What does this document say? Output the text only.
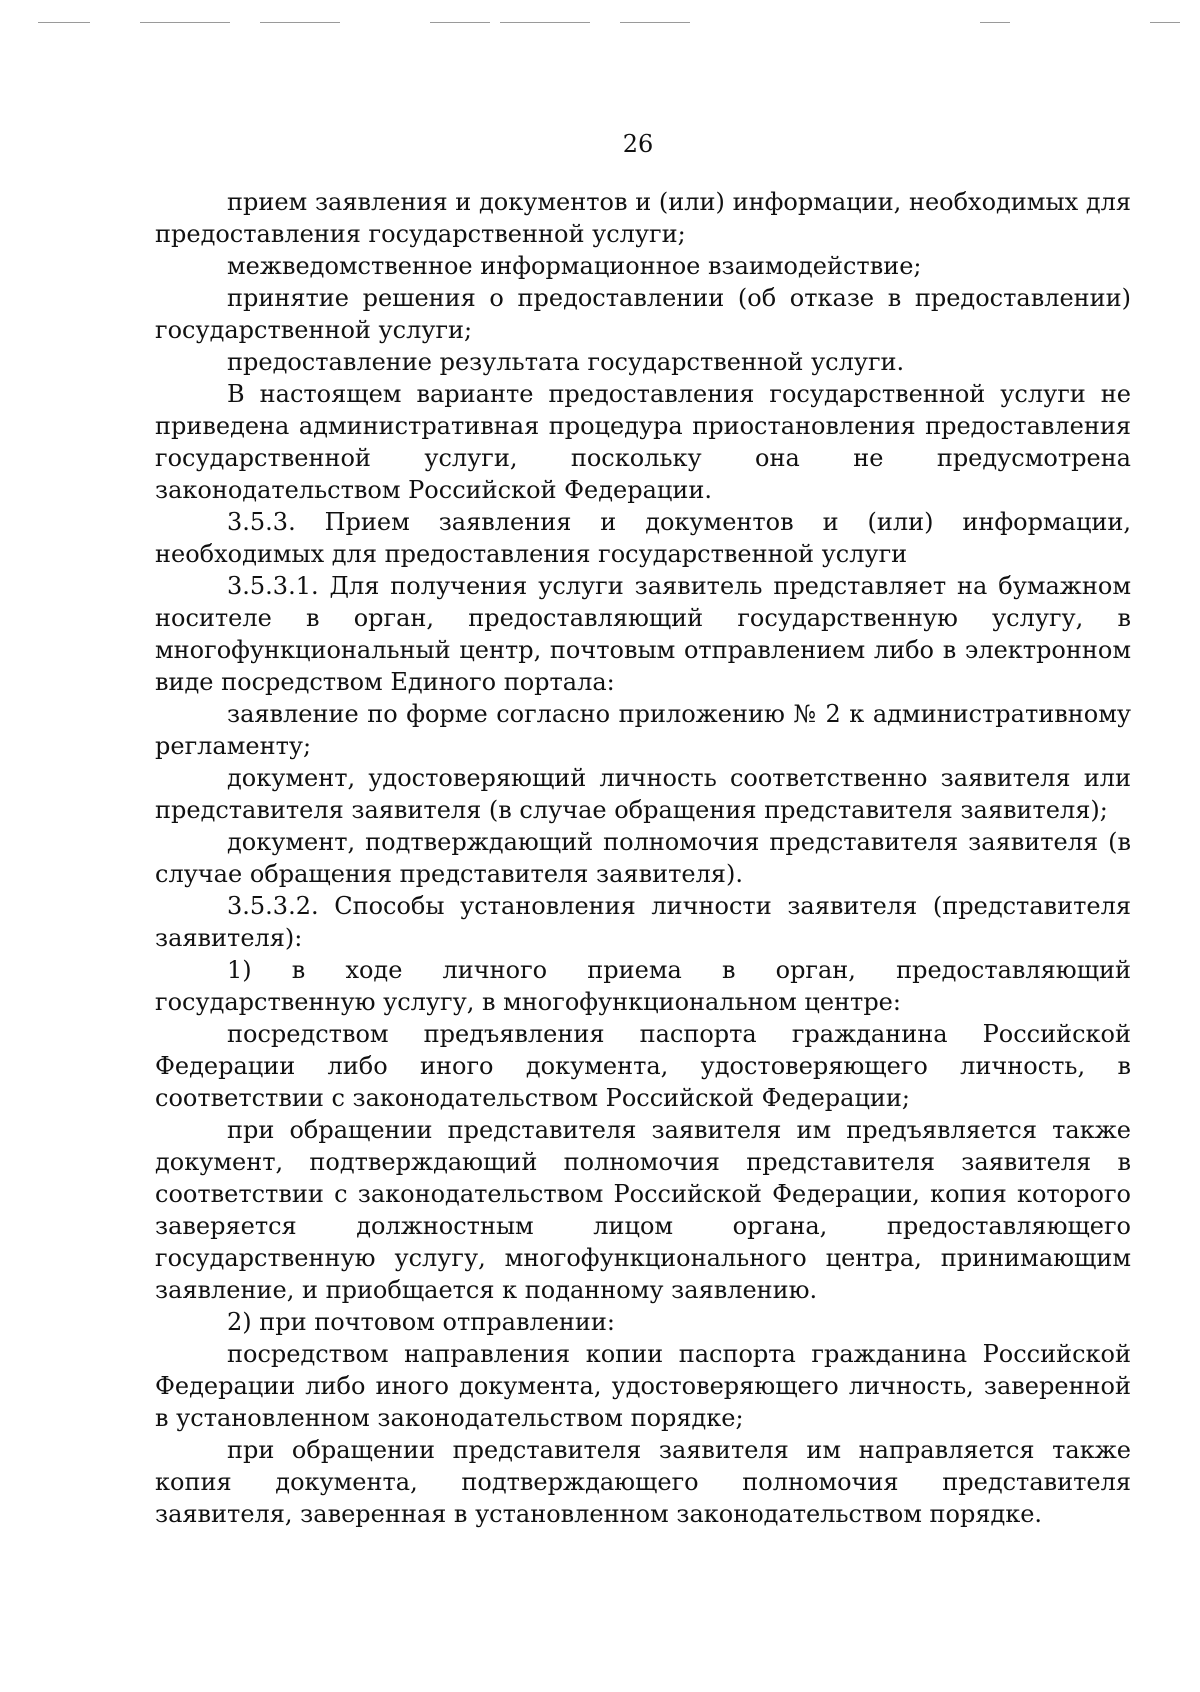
26

прием заявления и документов и (или) информации, необходимых для предоставления государственной услуги;

межведомственное информационное взаимодействие;

принятие решения о предоставлении (об отказе в предоставлении) государственной услуги;

предоставление результата государственной услуги.

В настоящем варианте предоставления государственной услуги не приведена административная процедура приостановления предоставления государственной услуги, поскольку она не предусмотрена законодательством Российской Федерации.

3.5.3. Прием заявления и документов и (или) информации, необходимых для предоставления государственной услуги

3.5.3.1. Для получения услуги заявитель представляет на бумажном носителе в орган, предоставляющий государственную услугу, в многофункциональный центр, почтовым отправлением либо в электронном виде посредством Единого портала:

заявление по форме согласно приложению № 2 к административному регламенту;

документ, удостоверяющий личность соответственно заявителя или представителя заявителя (в случае обращения представителя заявителя);

документ, подтверждающий полномочия представителя заявителя (в случае обращения представителя заявителя).

3.5.3.2. Способы установления личности заявителя (представителя заявителя):

1) в ходе личного приема в орган, предоставляющий государственную услугу, в многофункциональном центре:

посредством предъявления паспорта гражданина Российской Федерации либо иного документа, удостоверяющего личность, в соответствии с законодательством Российской Федерации;

при обращении представителя заявителя им предъявляется также документ, подтверждающий полномочия представителя заявителя в соответствии с законодательством Российской Федерации, копия которого заверяется должностным лицом органа, предоставляющего государственную услугу, многофункционального центра, принимающим заявление, и приобщается к поданному заявлению.

2) при почтовом отправлении:

посредством направления копии паспорта гражданина Российской Федерации либо иного документа, удостоверяющего личность, заверенной в установленном законодательством порядке;

при обращении представителя заявителя им направляется также копия документа, подтверждающего полномочия представителя заявителя, заверенная в установленном законодательством порядке.
